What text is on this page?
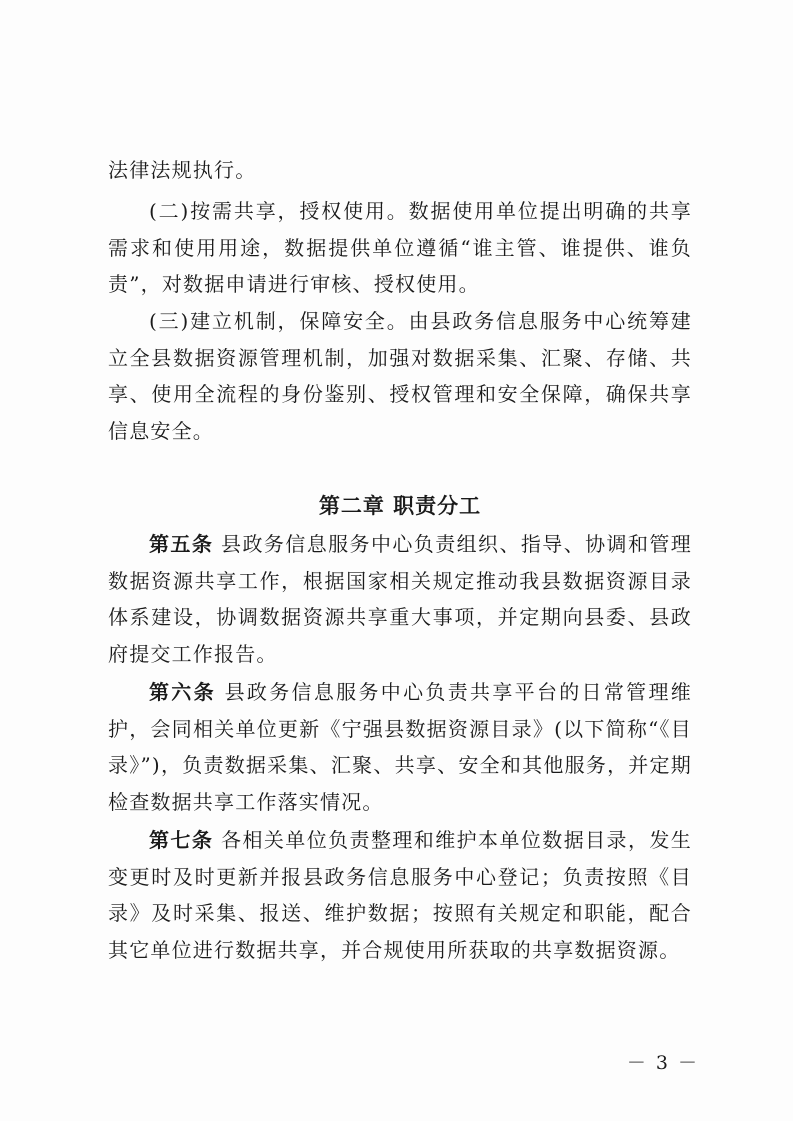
法律法规执行。

(二)按需共享，授权使用。数据使用单位提出明确的共享需求和使用用途，数据提供单位遵循“谁主管、谁提供、谁负责”，对数据申请进行审核、授权使用。

(三)建立机制，保障安全。由县政务信息服务中心统筹建立全县数据资源管理机制，加强对数据采集、汇聚、存储、共享、使用全流程的身份鉴别、授权管理和安全保障，确保共享信息安全。

第二章 职责分工

第五条 县政务信息服务中心负责组织、指导、协调和管理数据资源共享工作，根据国家相关规定推动我县数据资源目录体系建设，协调数据资源共享重大事项，并定期向县委、县政府提交工作报告。

第六条 县政务信息服务中心负责共享平台的日常管理维护，会同相关单位更新《宁强县数据资源目录》(以下简称“《目录》”)，负责数据采集、汇聚、共享、安全和其他服务，并定期检查数据共享工作落实情况。

第七条 各相关单位负责整理和维护本单位数据目录，发生变更时及时更新并报县政务信息服务中心登记；负责按照《目录》及时采集、报送、维护数据；按照有关规定和职能，配合其它单位进行数据共享，并合规使用所获取的共享数据资源。

－ 3 －
